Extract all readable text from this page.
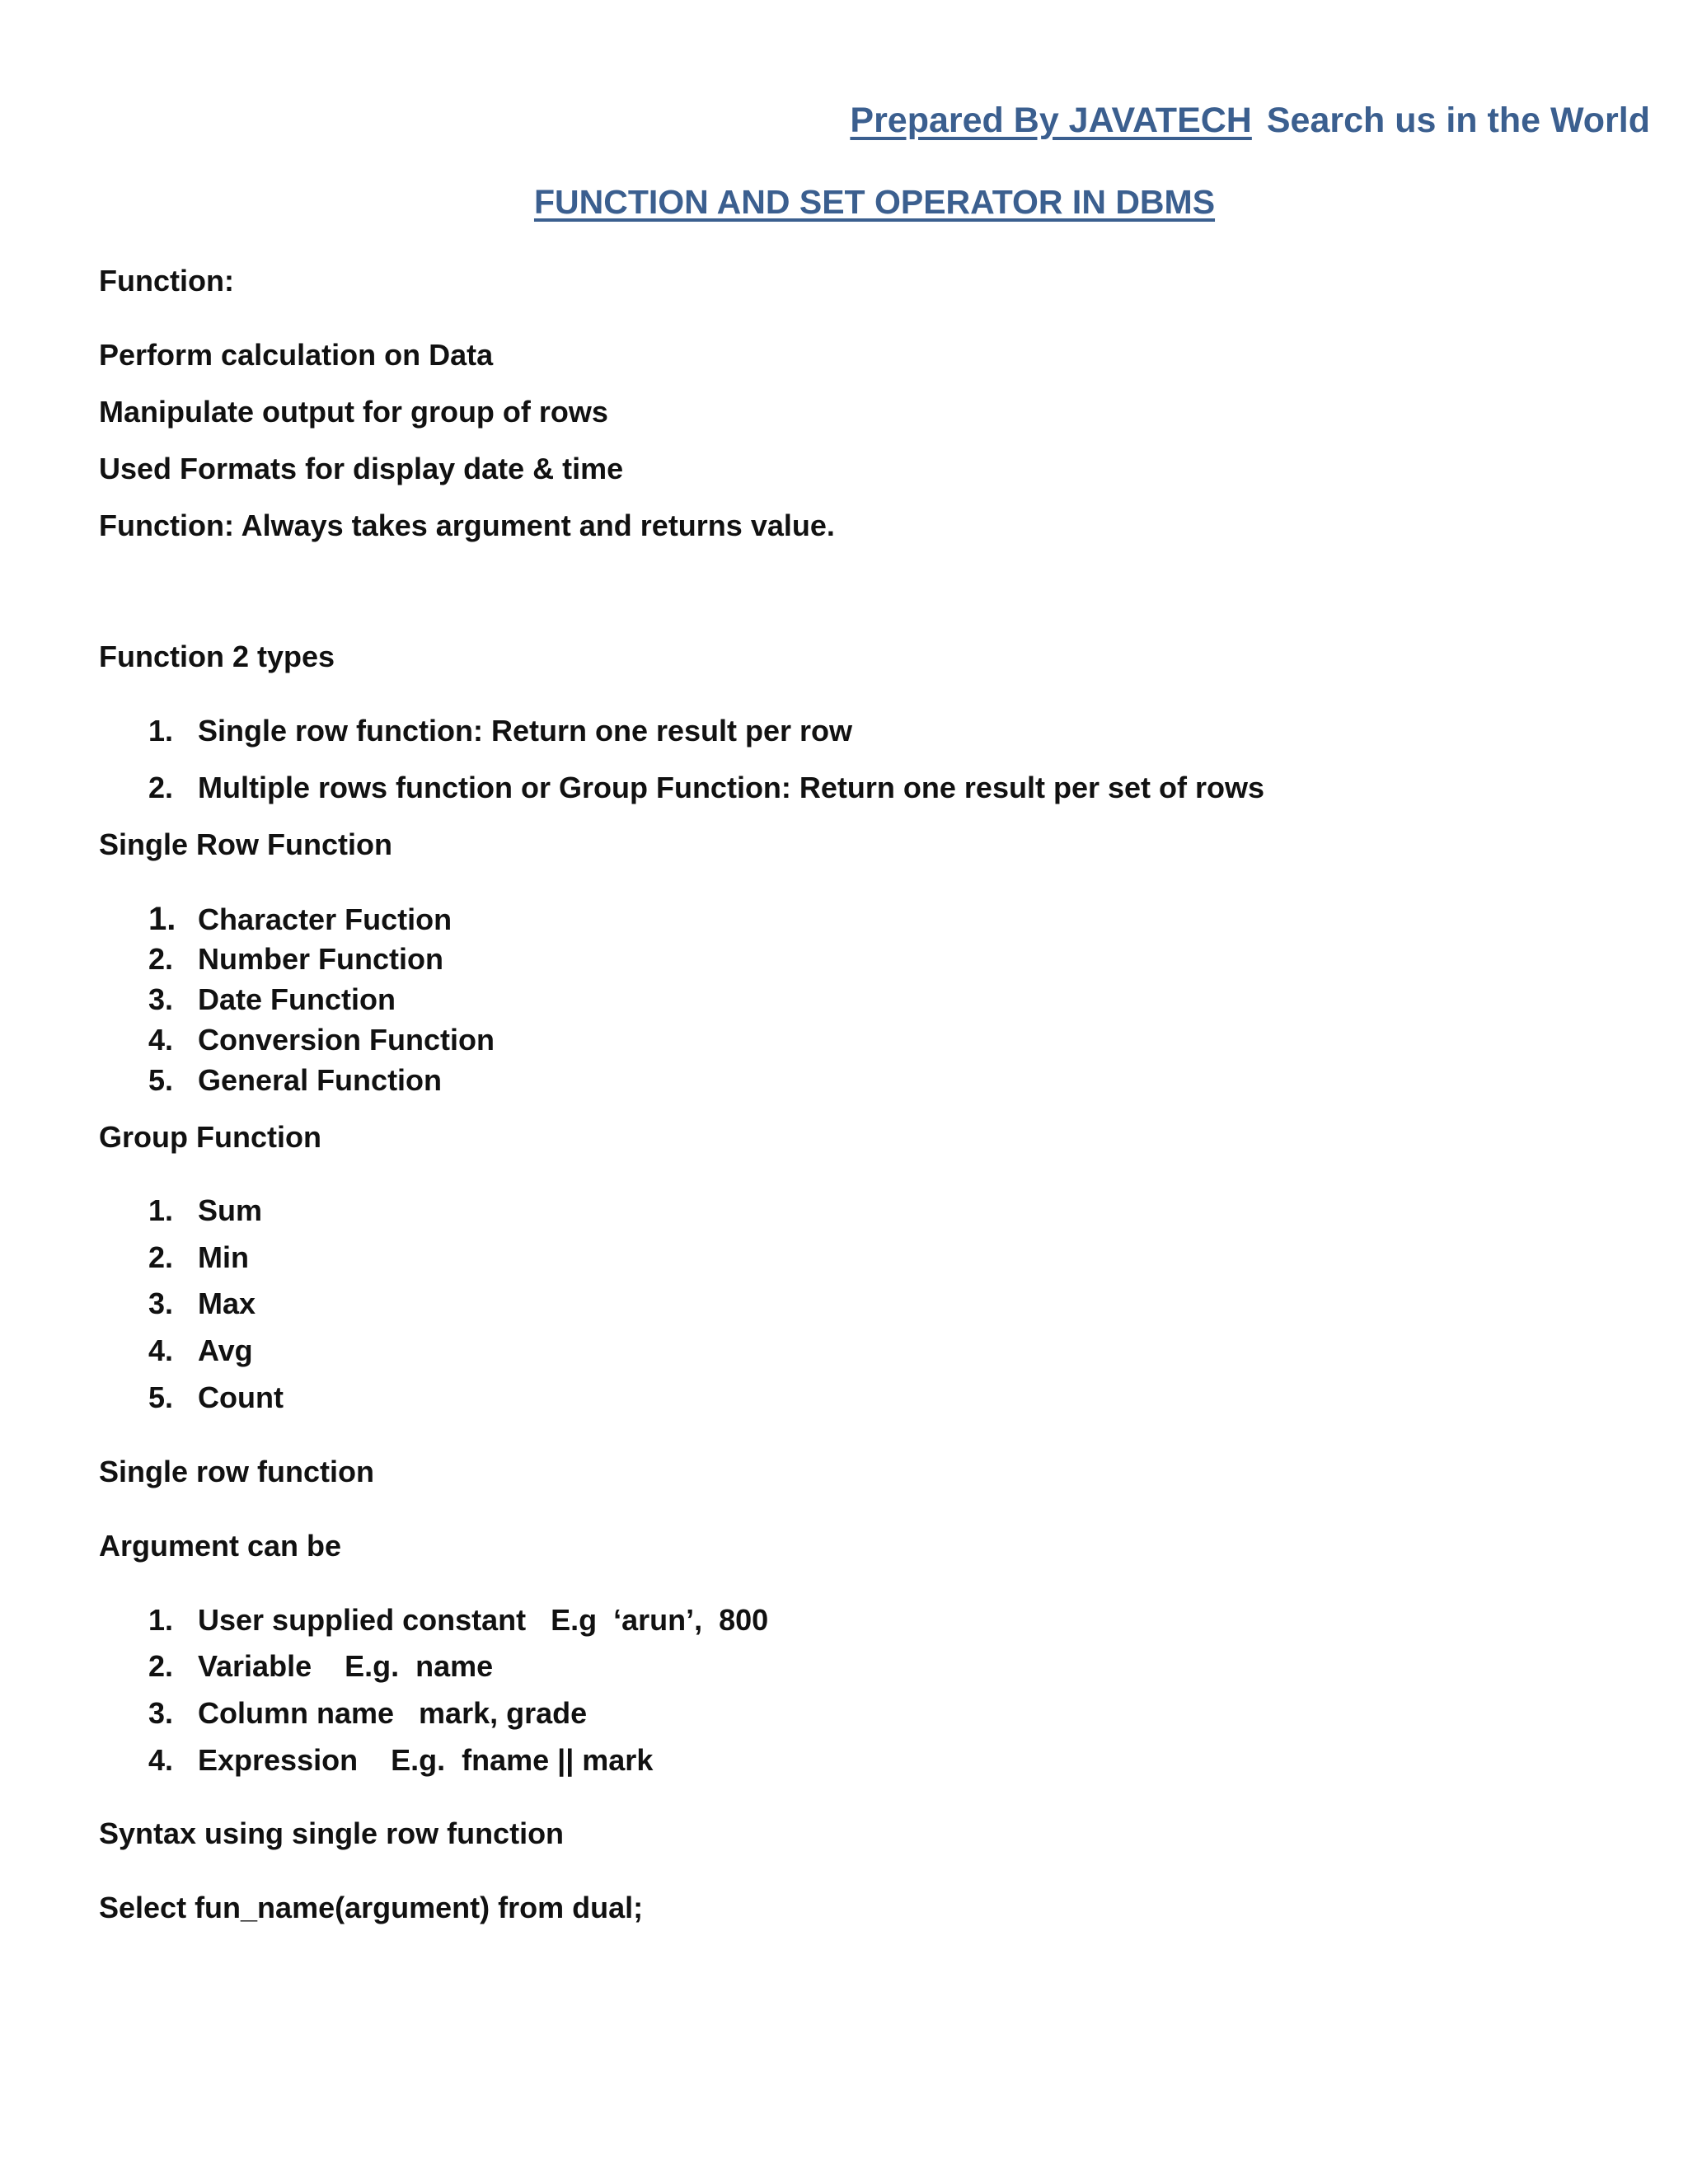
Prepared By JAVATECH Search us in the World
FUNCTION AND SET OPERATOR IN DBMS
Function:
Perform calculation on Data
Manipulate output for group of rows
Used Formats for display date & time
Function: Always takes argument and returns value.
Function 2 types
1. Single row function: Return one result per row
2. Multiple rows function or Group Function: Return one result per set of rows
Single Row Function
1. Character Fuction
2. Number Function
3. Date Function
4. Conversion Function
5. General Function
Group Function
1. Sum
2. Min
3. Max
4. Avg
5. Count
Single row function
Argument can be
1. User supplied constant   E.g  ‘arun’,  800
2. Variable    E.g.  name
3. Column name   mark, grade
4. Expression    E.g.  fname || mark
Syntax using single row function
Select fun_name(argument) from dual;
